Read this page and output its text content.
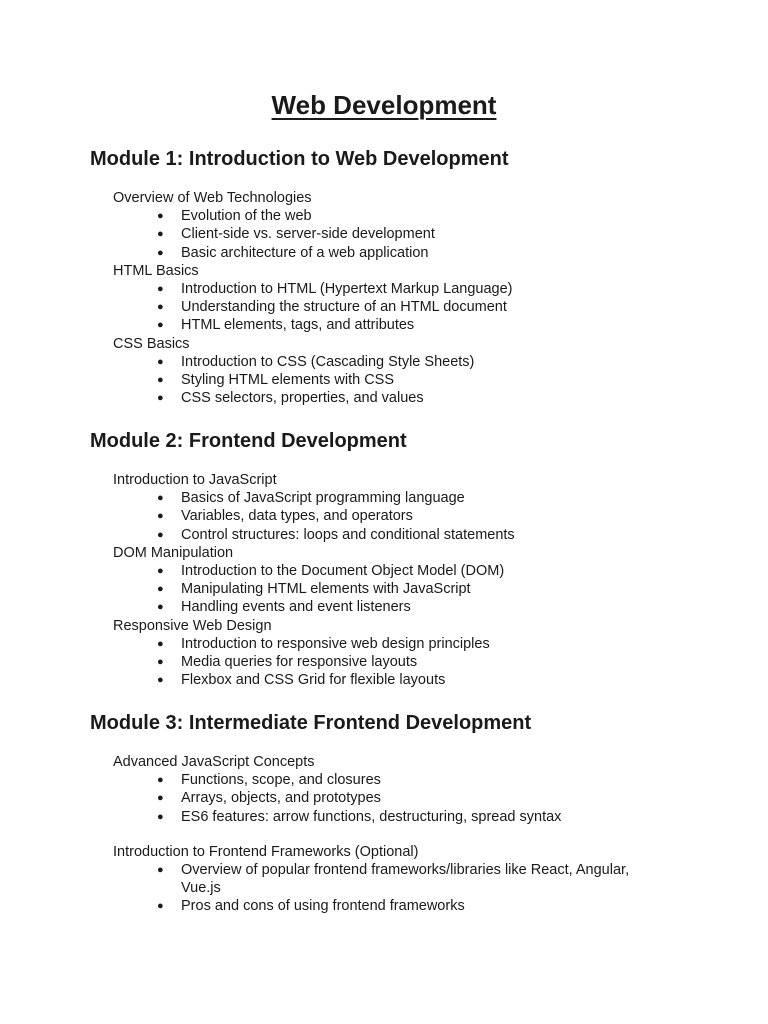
Web Development
Module 1: Introduction to Web Development
Overview of Web Technologies
● Evolution of the web
● Client-side vs. server-side development
● Basic architecture of a web application
HTML Basics
● Introduction to HTML (Hypertext Markup Language)
● Understanding the structure of an HTML document
● HTML elements, tags, and attributes
CSS Basics
● Introduction to CSS (Cascading Style Sheets)
● Styling HTML elements with CSS
● CSS selectors, properties, and values
Module 2: Frontend Development
Introduction to JavaScript
● Basics of JavaScript programming language
● Variables, data types, and operators
● Control structures: loops and conditional statements
DOM Manipulation
● Introduction to the Document Object Model (DOM)
● Manipulating HTML elements with JavaScript
● Handling events and event listeners
Responsive Web Design
● Introduction to responsive web design principles
● Media queries for responsive layouts
● Flexbox and CSS Grid for flexible layouts
Module 3: Intermediate Frontend Development
Advanced JavaScript Concepts
● Functions, scope, and closures
● Arrays, objects, and prototypes
● ES6 features: arrow functions, destructuring, spread syntax
Introduction to Frontend Frameworks (Optional)
● Overview of popular frontend frameworks/libraries like React, Angular,
Vue.js
● Pros and cons of using frontend frameworks
